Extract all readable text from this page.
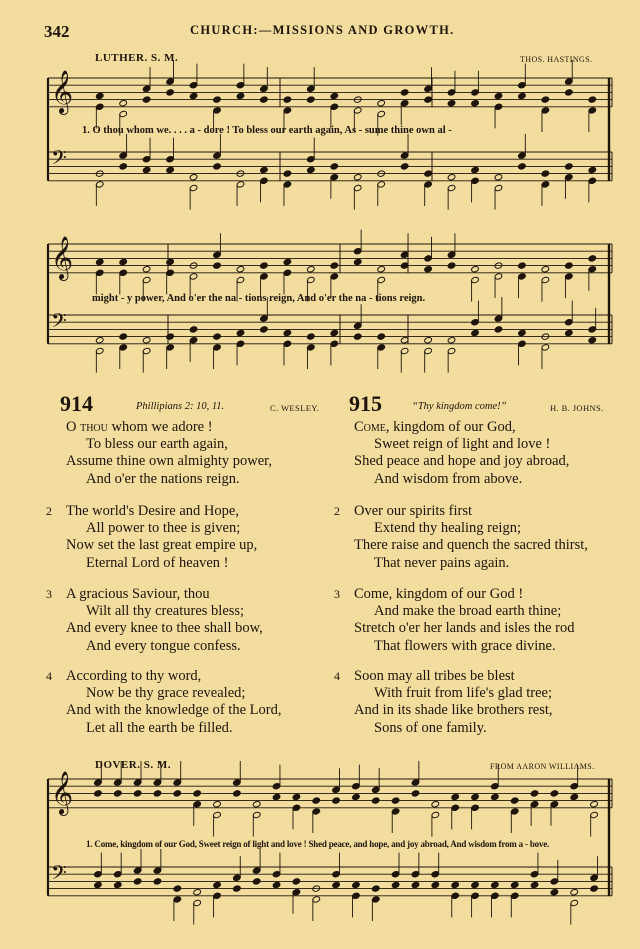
342	CHURCH:—MISSIONS AND GROWTH.
LUTHER. S. M.	THOS. HASTINGS.
𝄞
𝄢
𝄞
𝄢
𝄞
𝄢
1. O thou whom we. . . . a - dore ! To bless our earth again, As - sume thine own al -
might - y power, And o'er the na - tions reign, And o'er the na - tions reign.
914	Phillipians 2: 10, 11.	C. WESLEY.
O thou whom we adore !
To bless our earth again,
Assume thine own almighty power,
And o'er the nations reign.
2 The world's Desire and Hope,
All power to thee is given;
Now set the last great empire up,
Eternal Lord of heaven !
3 A gracious Saviour, thou
Wilt all thy creatures bless;
And every knee to thee shall bow,
And every tongue confess.
4 According to thy word,
Now be thy grace revealed;
And with the knowledge of the Lord,
Let all the earth be filled.
915	“Thy kingdom come!”	H. B. JOHNS.
Come, kingdom of our God,
Sweet reign of light and love !
Shed peace and hope and joy abroad,
And wisdom from above.
2 Over our spirits first
Extend thy healing reign;
There raise and quench the sacred thirst,
That never pains again.
3 Come, kingdom of our God !
And make the broad earth thine;
Stretch o'er her lands and isles the rod
That flowers with grace divine.
4 Soon may all tribes be blest
With fruit from life's glad tree;
And in its shade like brothers rest,
Sons of one family.
DOVER. S. M.	FROM AARON WILLIAMS.
1. Come, kingdom of our God, Sweet reign of light and love ! Shed peace, and hope, and joy abroad, And wisdom from a - bove.
